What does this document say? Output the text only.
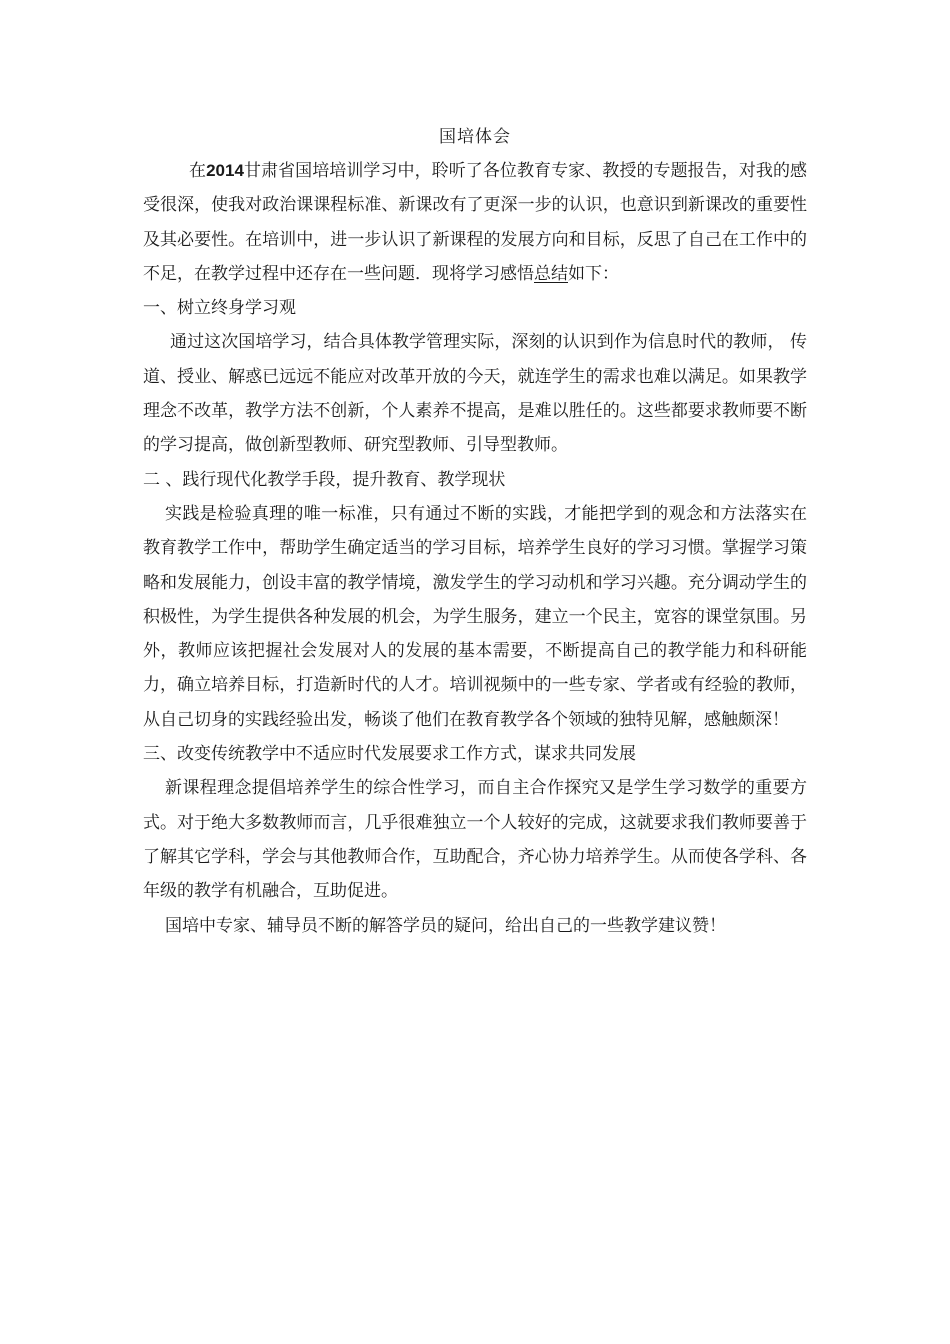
国培体会

在2014甘肃省国培培训学习中，聆听了各位教育专家、教授的专题报告，对我的感受很深，使我对政治课课程标准、新课改有了更深一步的认识，也意识到新课改的重要性及其必要性。在培训中，进一步认识了新课程的发展方向和目标，反思了自己在工作中的不足，在教学过程中还存在一些问题．现将学习感悟总结如下：

一、树立终身学习观

通过这次国培学习，结合具体教学管理实际，深刻的认识到作为信息时代的教师， 传道、授业、解惑已远远不能应对改革开放的今天，就连学生的需求也难以满足。如果教学理念不改革，教学方法不创新，个人素养不提高，是难以胜任的。这些都要求教师要不断的学习提高，做创新型教师、研究型教师、引导型教师。

二 、践行现代化教学手段，提升教育、教学现状

实践是检验真理的唯一标准，只有通过不断的实践，才能把学到的观念和方法落实在教育教学工作中，帮助学生确定适当的学习目标，培养学生良好的学习习惯。掌握学习策略和发展能力，创设丰富的教学情境，激发学生的学习动机和学习兴趣。充分调动学生的积极性，为学生提供各种发展的机会，为学生服务，建立一个民主，宽容的课堂氛围。另外，教师应该把握社会发展对人的发展的基本需要，不断提高自己的教学能力和科研能力，确立培养目标，打造新时代的人才。培训视频中的一些专家、学者或有经验的教师，从自己切身的实践经验出发，畅谈了他们在教育教学各个领域的独特见解，感触颇深！

三、改变传统教学中不适应时代发展要求工作方式，谋求共同发展

新课程理念提倡培养学生的综合性学习，而自主合作探究又是学生学习数学的重要方式。对于绝大多数教师而言，几乎很难独立一个人较好的完成，这就要求我们教师要善于了解其它学科，学会与其他教师合作，互助配合，齐心协力培养学生。从而使各学科、各年级的教学有机融合，互助促进。

国培中专家、辅导员不断的解答学员的疑问，给出自己的一些教学建议赞！
